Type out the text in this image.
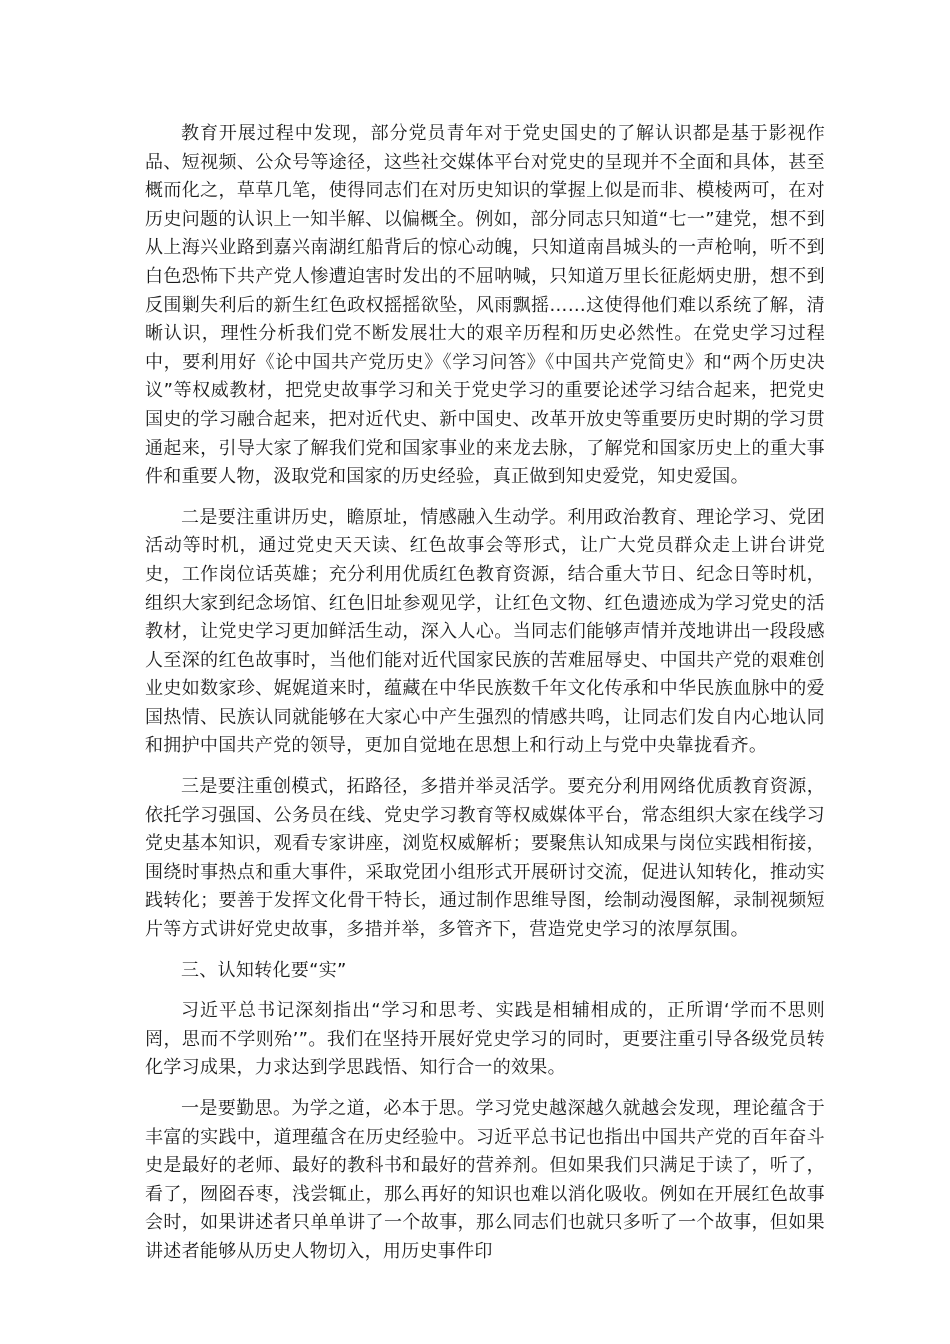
教育开展过程中发现，部分党员青年对于党史国史的了解认识都是基于影视作品、短视频、公众号等途径，这些社交媒体平台对党史的呈现并不全面和具体，甚至概而化之，草草几笔，使得同志们在对历史知识的掌握上似是而非、模棱两可，在对历史问题的认识上一知半解、以偏概全。例如，部分同志只知道“七一”建党，想不到从上海兴业路到嘉兴南湖红船背后的惊心动魄，只知道南昌城头的一声枪响，听不到白色恐怖下共产党人惨遭迫害时发出的不屈呐喊，只知道万里长征彪炳史册，想不到反围剿失利后的新生红色政权摇摇欲坠，风雨飘摇……这使得他们难以系统了解，清晰认识，理性分析我们党不断发展壮大的艰辛历程和历史必然性。在党史学习过程中，要利用好《论中国共产党历史》《学习问答》《中国共产党简史》和“两个历史决议”等权威教材，把党史故事学习和关于党史学习的重要论述学习结合起来，把党史国史的学习融合起来，把对近代史、新中国史、改革开放史等重要历史时期的学习贯通起来，引导大家了解我们党和国家事业的来龙去脉，了解党和国家历史上的重大事件和重要人物，汲取党和国家的历史经验，真正做到知史爱党，知史爱国。

二是要注重讲历史，瞻原址，情感融入生动学。利用政治教育、理论学习、党团活动等时机，通过党史天天读、红色故事会等形式，让广大党员群众走上讲台讲党史，工作岗位话英雄；充分利用优质红色教育资源，结合重大节日、纪念日等时机，组织大家到纪念场馆、红色旧址参观见学，让红色文物、红色遗迹成为学习党史的活教材，让党史学习更加鲜活生动，深入人心。当同志们能够声情并茂地讲出一段段感人至深的红色故事时，当他们能对近代国家民族的苦难屈辱史、中国共产党的艰难创业史如数家珍、娓娓道来时，蕴藏在中华民族数千年文化传承和中华民族血脉中的爱国热情、民族认同就能够在大家心中产生强烈的情感共鸣，让同志们发自内心地认同和拥护中国共产党的领导，更加自觉地在思想上和行动上与党中央靠拢看齐。

三是要注重创模式，拓路径，多措并举灵活学。要充分利用网络优质教育资源，依托学习强国、公务员在线、党史学习教育等权威媒体平台，常态组织大家在线学习党史基本知识，观看专家讲座，浏览权威解析；要聚焦认知成果与岗位实践相衔接，围绕时事热点和重大事件，采取党团小组形式开展研讨交流，促进认知转化，推动实践转化；要善于发挥文化骨干特长，通过制作思维导图，绘制动漫图解，录制视频短片等方式讲好党史故事，多措并举，多管齐下，营造党史学习的浓厚氛围。

三、认知转化要“实”

习近平总书记深刻指出“学习和思考、实践是相辅相成的，正所谓‘学而不思则罔，思而不学则殆’”。我们在坚持开展好党史学习的同时，更要注重引导各级党员转化学习成果，力求达到学思践悟、知行合一的效果。

一是要勤思。为学之道，必本于思。学习党史越深越久就越会发现，理论蕴含于丰富的实践中，道理蕴含在历史经验中。习近平总书记也指出中国共产党的百年奋斗史是最好的老师、最好的教科书和最好的营养剂。但如果我们只满足于读了，听了，看了，囫囵吞枣，浅尝辄止，那么再好的知识也难以消化吸收。例如在开展红色故事会时，如果讲述者只单单讲了一个故事，那么同志们也就只多听了一个故事，但如果讲述者能够从历史人物切入，用历史事件印
